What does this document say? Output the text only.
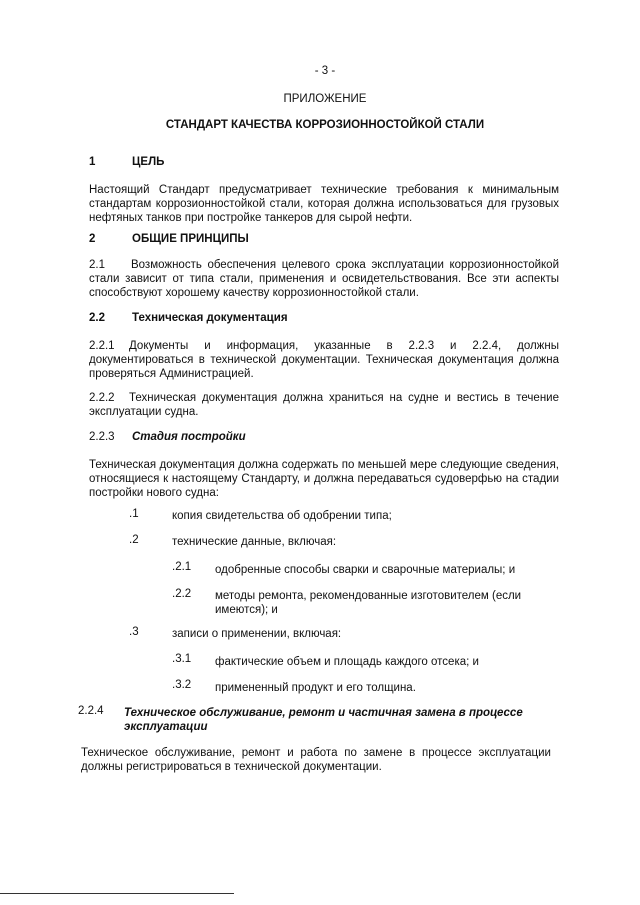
- 3 -
ПРИЛОЖЕНИЕ
СТАНДАРТ КАЧЕСТВА КОРРОЗИОННОСТОЙКОЙ СТАЛИ
1	ЦЕЛЬ
Настоящий Стандарт предусматривает технические требования к минимальным стандартам коррозионностойкой стали, которая должна использоваться для грузовых нефтяных танков при постройке танкеров для сырой нефти.
2	ОБЩИЕ ПРИНЦИПЫ
2.1 Возможность обеспечения целевого срока эксплуатации коррозионностойкой стали зависит от типа стали, применения и освидетельствования. Все эти аспекты способствуют хорошему качеству коррозионностойкой стали.
2.2 Техническая документация
2.2.1 Документы и информация, указанные в 2.2.3 и 2.2.4, должны документироваться в технической документации. Техническая документация должна проверяться Администрацией.
2.2.2 Техническая документация должна храниться на судне и вестись в течение эксплуатации судна.
2.2.3 Стадия постройки
Техническая документация должна содержать по меньшей мере следующие сведения, относящиеся к настоящему Стандарту, и должна передаваться судоверфью на стадии постройки нового судна:
.1	копия свидетельства об одобрении типа;
.2	технические данные, включая:
.2.1 одобренные способы сварки и сварочные материалы; и
.2.2 методы ремонта, рекомендованные изготовителем (если имеются); и
.3	записи о применении, включая:
.3.1 фактические объем и площадь каждого отсека; и
.3.2 примененный продукт и его толщина.
2.2.4 Техническое обслуживание, ремонт и частичная замена в процессе эксплуатации
Техническое обслуживание, ремонт и работа по замене в процессе эксплуатации должны регистрироваться в технической документации.
